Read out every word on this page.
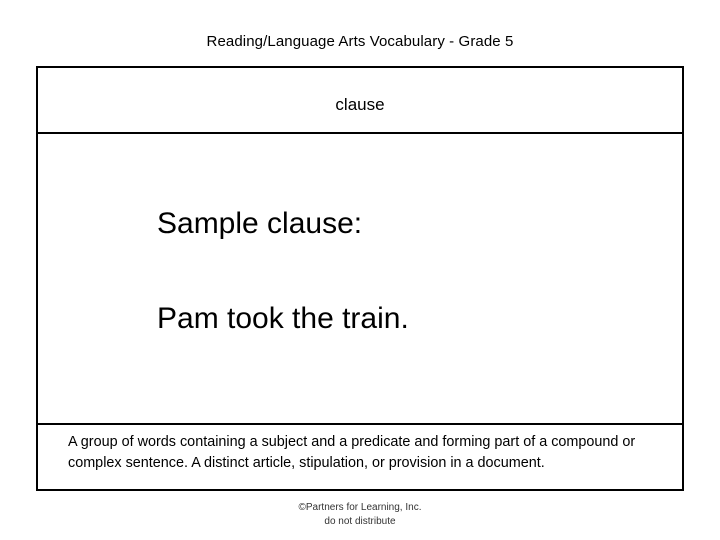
Reading/Language Arts Vocabulary - Grade 5
clause
Sample clause:
Pam took the train.
A group of words containing a subject and a predicate and forming part of a compound or complex sentence. A distinct article, stipulation, or provision in a document.
©Partners for Learning, Inc.
do not distribute
